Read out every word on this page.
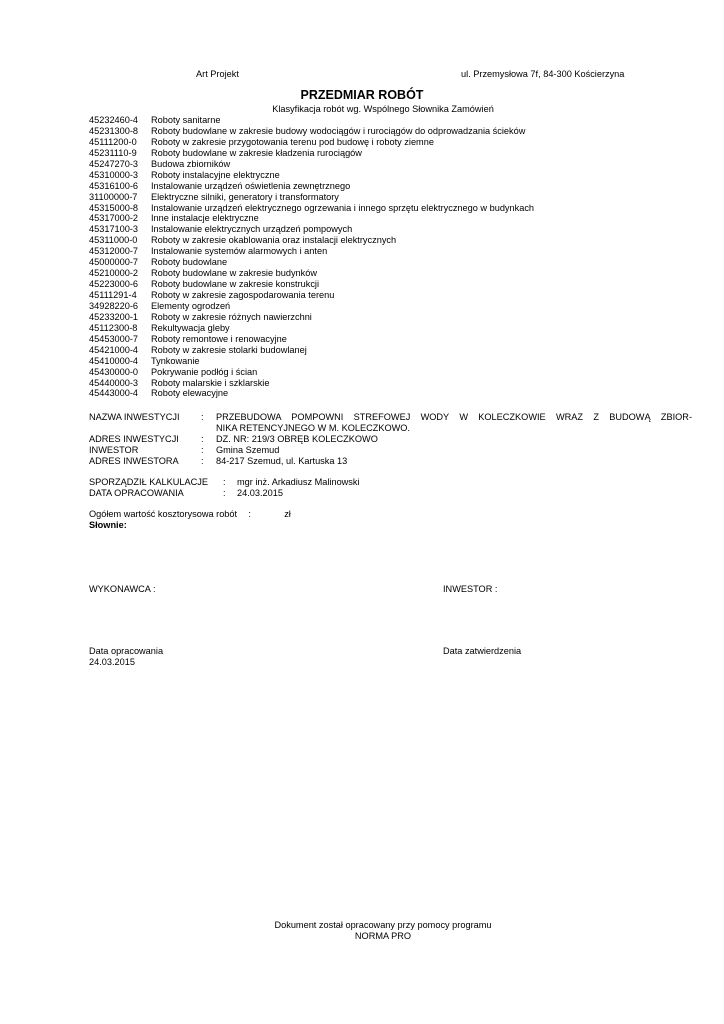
Art Projekt	ul. Przemysłowa 7f, 84-300 Kościerzyna
PRZEDMIAR ROBÓT
Klasyfikacja robót wg. Wspólnego Słownika Zamówień
45232460-4	Roboty sanitarne
45231300-8	Roboty budowlane w zakresie budowy wodociągów i rurociągów do odprowadzania ścieków
45111200-0	Roboty w zakresie przygotowania terenu pod budowę i roboty ziemne
45231110-9	Roboty budowlane w zakresie kładzenia rurociągów
45247270-3	Budowa zbiorników
45310000-3	Roboty instalacyjne elektryczne
45316100-6	Instalowanie urządzeń oświetlenia zewnętrznego
31100000-7	Elektryczne silniki, generatory i transformatory
45315000-8	Instalowanie urządzeń elektrycznego ogrzewania i innego sprzętu elektrycznego w budynkach
45317000-2	Inne instalacje elektryczne
45317100-3	Instalowanie elektrycznych urządzeń pompowych
45311000-0	Roboty w zakresie okablowania oraz instalacji elektrycznych
45312000-7	Instalowanie systemów alarmowych i anten
45000000-7	Roboty budowlane
45210000-2	Roboty budowlane w zakresie budynków
45223000-6	Roboty budowlane w zakresie konstrukcji
45111291-4	Roboty w zakresie zagospodarowania terenu
34928220-6	Elementy ogrodzeń
45233200-1	Roboty w zakresie różnych nawierzchni
45112300-8	Rekultywacja gleby
45453000-7	Roboty remontowe i renowacyjne
45421000-4	Roboty w zakresie stolarki budowlanej
45410000-4	Tynkowanie
45430000-0	Pokrywanie podłóg i ścian
45440000-3	Roboty malarskie i szklarskie
45443000-4	Roboty elewacyjne
NAZWA INWESTYCJI	:	PRZEBUDOWA POMPOWNI STREFOWEJ WODY W KOLECZKOWIE WRAZ Z BUDOWĄ ZBIOR-
NIKA RETENCYJNEGO W M. KOLECZKOWO.
ADRES INWESTYCJI	:	DZ. NR: 219/3 OBRĘB KOLECZKOWO
INWESTOR	:	Gmina Szemud
ADRES INWESTORA	:	84-217 Szemud, ul. Kartuska 13
SPORZĄDZIŁ KALKULACJE	:	mgr inż. Arkadiusz Malinowski
DATA OPRACOWANIA	:	24.03.2015
Ogółem wartość kosztorysowa robót :	zł
Słownie:
WYKONAWCA :	INWESTOR :
Data opracowania
24.03.2015
Data zatwierdzenia
Dokument został opracowany przy pomocy programu
NORMA PRO
